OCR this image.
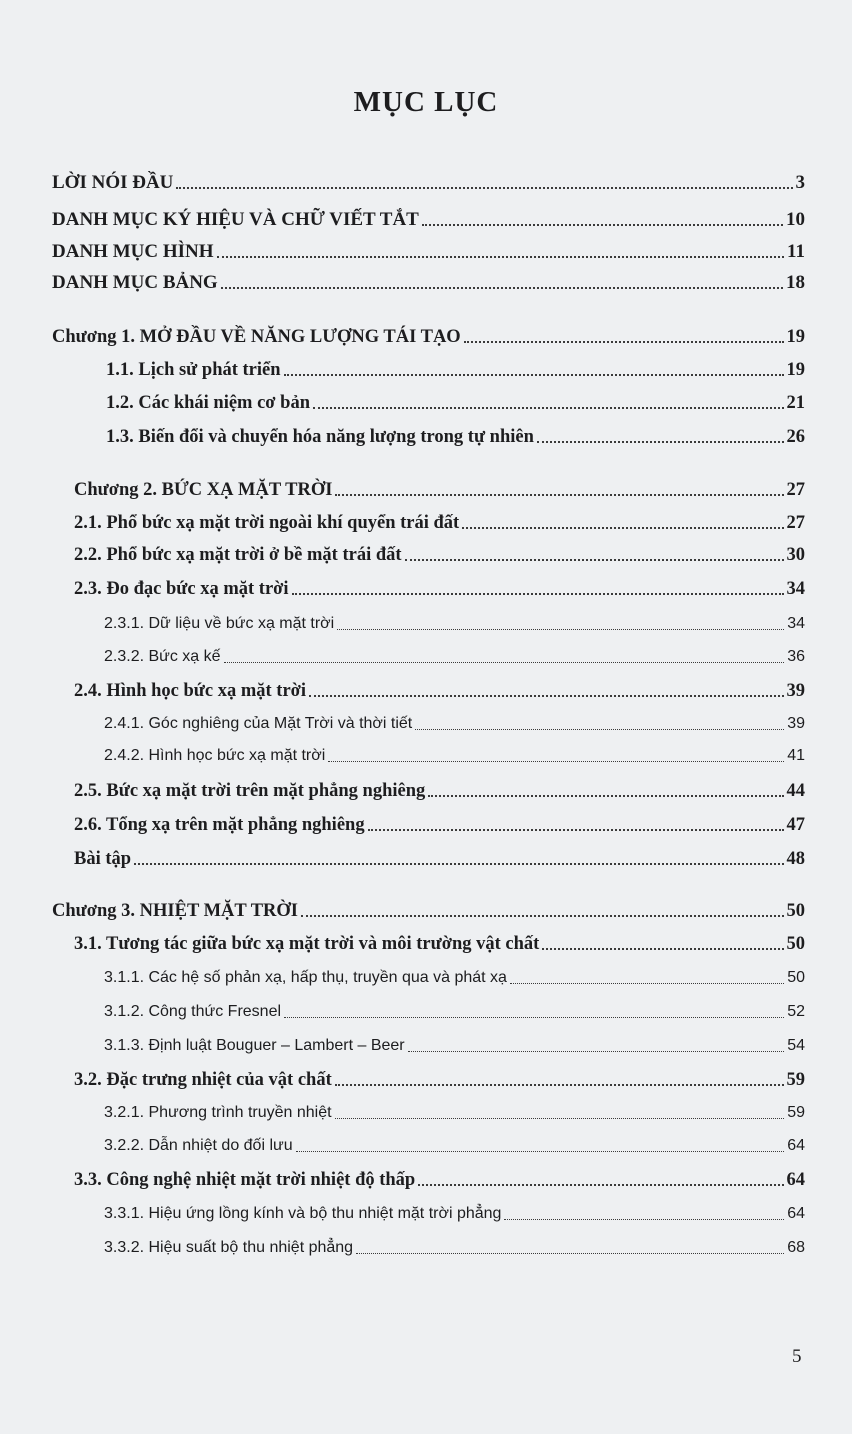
MỤC LỤC
LỜI NÓI ĐẦU	3
DANH MỤC KÝ HIỆU VÀ CHỮ VIẾT TẮT	10
DANH MỤC HÌNH	11
DANH MỤC BẢNG	18
Chương 1. MỞ ĐẦU VỀ NĂNG LƯỢNG TÁI TẠO	19
1.1. Lịch sử phát triển	19
1.2. Các khái niệm cơ bản	21
1.3. Biến đổi và chuyển hóa năng lượng trong tự nhiên	26
Chương 2. BỨC XẠ MẶT TRỜI	27
2.1. Phổ bức xạ mặt trời ngoài khí quyển trái đất	27
2.2. Phổ bức xạ mặt trời ở bề mặt trái đất	30
2.3. Đo đạc bức xạ mặt trời	34
2.3.1. Dữ liệu về bức xạ mặt trời	34
2.3.2. Bức xạ kế	36
2.4. Hình học bức xạ mặt trời	39
2.4.1. Góc nghiêng của Mặt Trời và thời tiết	39
2.4.2. Hình học bức xạ mặt trời	41
2.5. Bức xạ mặt trời trên mặt phẳng nghiêng	44
2.6. Tổng xạ trên mặt phẳng nghiêng	47
Bài tập	48
Chương 3. NHIỆT MẶT TRỜI	50
3.1. Tương tác giữa bức xạ mặt trời và môi trường vật chất	50
3.1.1. Các hệ số phản xạ, hấp thụ, truyền qua và phát xạ	50
3.1.2. Công thức Fresnel	52
3.1.3. Định luật Bouguer – Lambert – Beer	54
3.2. Đặc trưng nhiệt của vật chất	59
3.2.1. Phương trình truyền nhiệt	59
3.2.2. Dẫn nhiệt do đối lưu	64
3.3. Công nghệ nhiệt mặt trời nhiệt độ thấp	64
3.3.1. Hiệu ứng lồng kính và bộ thu nhiệt mặt trời phẳng	64
3.3.2. Hiệu suất bộ thu nhiệt phẳng	68
5
